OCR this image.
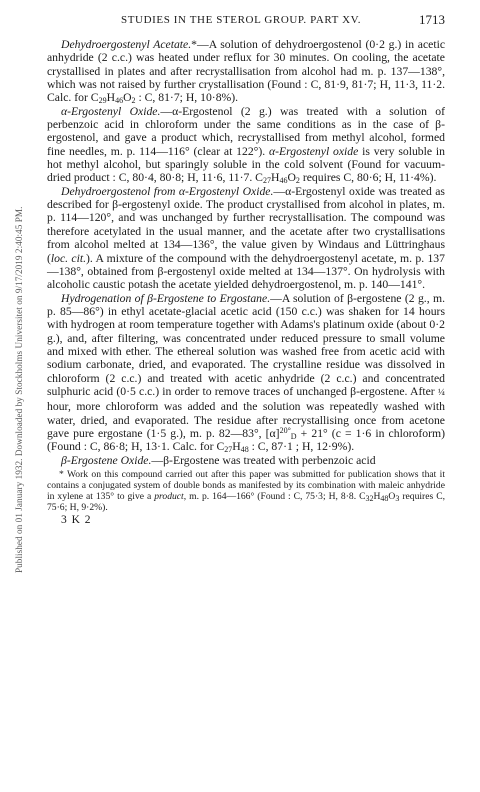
Published on 01 January 1932. Downloaded by Stockholms Universitet on 9/17/2019 2:40:45 PM.
STUDIES IN THE STEROL GROUP. PART XV.	1713

Dehydroergostenyl Acetate.*—A solution of dehydroergostenol (0·2 g.) in acetic anhydride (2 c.c.) was heated under reflux for 30 minutes. On cooling, the acetate crystallised in plates and after recrystallisation from alcohol had m. p. 137—138°, which was not raised by further crystallisation (Found : C, 81·9, 81·7; H, 11·3, 11·2. Calc. for $C_{29}H_{46}O_2$ : C, 81·7; H, 10·8%).

α-Ergostenyl Oxide.—α-Ergostenol (2 g.) was treated with a solution of perbenzoic acid in chloroform under the same conditions as in the case of β-ergostenol, and gave a product which, recrystallised from methyl alcohol, formed fine needles, m. p. 114—116° (clear at 122°). α-Ergostenyl oxide is very soluble in hot methyl alcohol, but sparingly soluble in the cold solvent (Found for vacuum-dried product : C, 80·4, 80·8; H, 11·6, 11·7. $C_{27}H_{46}O_2$ requires C, 80·6; H, 11·4%).

Dehydroergostenol from α-Ergostenyl Oxide.—α-Ergostenyl oxide was treated as described for β-ergostenyl oxide. The product crystallised from alcohol in plates, m. p. 114—120°, and was unchanged by further recrystallisation. The compound was therefore acetylated in the usual manner, and the acetate after two crystallisations from alcohol melted at 134—136°, the value given by Windaus and Lüttringhaus (loc. cit.). A mixture of the compound with the dehydroergostenyl acetate, m. p. 137—138°, obtained from β-ergostenyl oxide melted at 134—137°. On hydrolysis with alcoholic caustic potash the acetate yielded dehydroergostenol, m. p. 140—141°.

Hydrogenation of β-Ergostene to Ergostane.—A solution of β-ergostene (2 g., m. p. 85—86°) in ethyl acetate-glacial acetic acid (150 c.c.) was shaken for 14 hours with hydrogen at room temperature together with Adams's platinum oxide (about 0·2 g.), and, after filtering, was concentrated under reduced pressure to small volume and mixed with ether. The ethereal solution was washed free from acetic acid with sodium carbonate, dried, and evaporated. The crystalline residue was dissolved in chloroform (2 c.c.) and treated with acetic anhydride (2 c.c.) and concentrated sulphuric acid (0·5 c.c.) in order to remove traces of unchanged β-ergostene. After ¼ hour, more chloroform was added and the solution was repeatedly washed with water, dried, and evaporated. The residue after recrystallising once from acetone gave pure ergostane (1·5 g.), m. p. 82—83°, $[\alpha]^{20^\circ}_D + 21^\circ$ (c = 1·6 in chloroform) (Found : C, 86·8; H, 13·1. Calc. for $C_{27}H_{48}$ : C, 87·1 ; H, 12·9%).

β-Ergostene Oxide.—β-Ergostene was treated with perbenzoic acid

* Work on this compound carried out after this paper was submitted for publication shows that it contains a conjugated system of double bonds as manifested by its combination with maleic anhydride in xylene at 135° to give a product, m. p. 164—166° (Found : C, 75·3; H, 8·8. $C_{32}H_{48}O_3$ requires C, 75·6; H, 9·2%).

3 K 2
